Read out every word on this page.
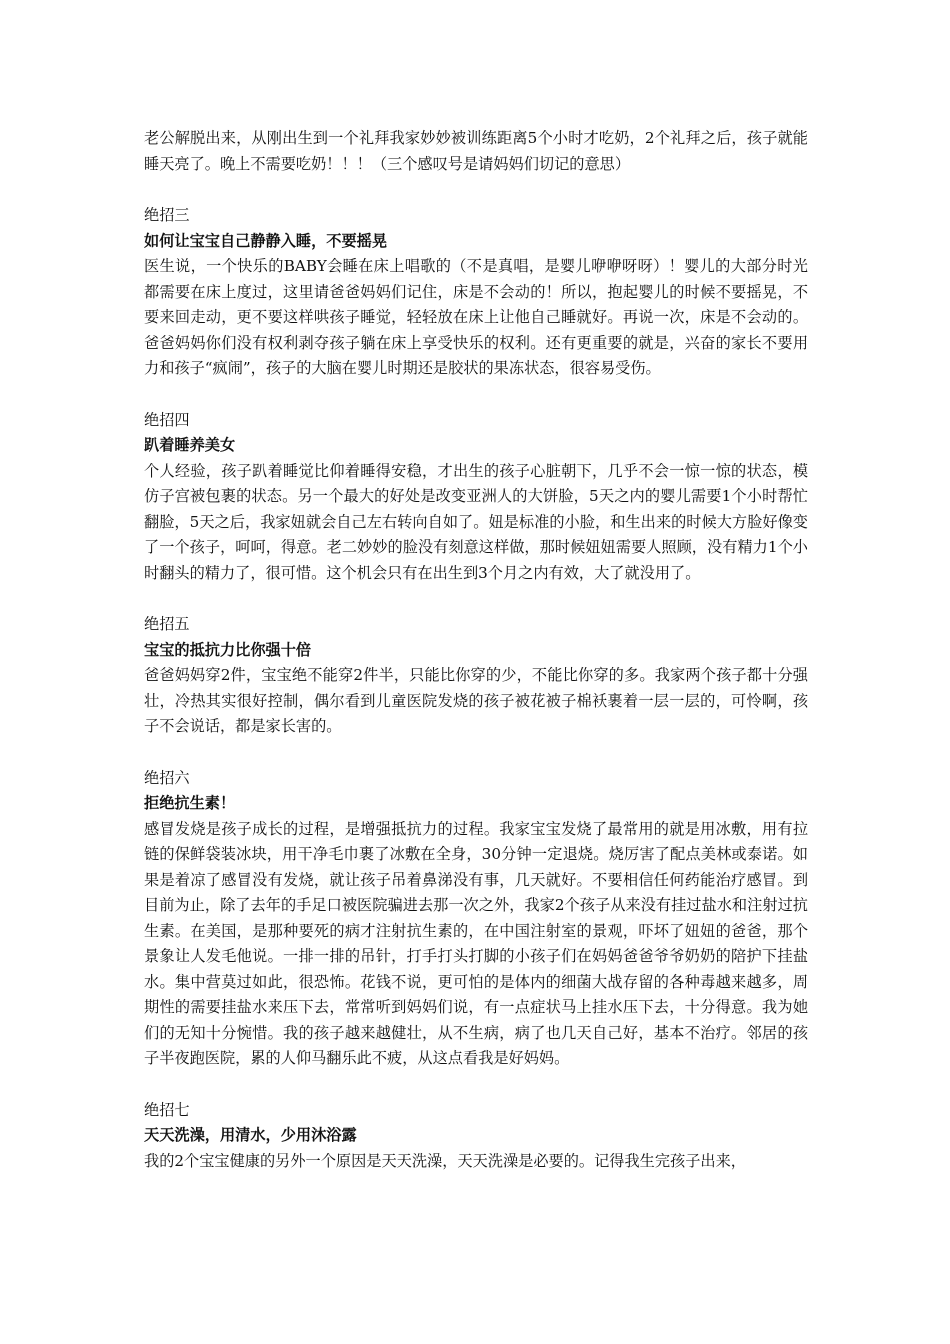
老公解脱出来，从刚出生到一个礼拜我家妙妙被训练距离5个小时才吃奶，2个礼拜之后，孩子就能睡天亮了。晚上不需要吃奶！！！（三个感叹号是请妈妈们切记的意思）

绝招三

如何让宝宝自己静静入睡，不要摇晃

医生说，一个快乐的BABY会睡在床上唱歌的（不是真唱，是婴儿咿咿呀呀）！婴儿的大部分时光都需要在床上度过，这里请爸爸妈妈们记住，床是不会动的！所以，抱起婴儿的时候不要摇晃，不要来回走动，更不要这样哄孩子睡觉，轻轻放在床上让他自己睡就好。再说一次，床是不会动的。爸爸妈妈你们没有权利剥夺孩子躺在床上享受快乐的权利。还有更重要的就是，兴奋的家长不要用力和孩子“疯闹”，孩子的大脑在婴儿时期还是胶状的果冻状态，很容易受伤。

绝招四

趴着睡养美女

个人经验，孩子趴着睡觉比仰着睡得安稳，才出生的孩子心脏朝下，几乎不会一惊一惊的状态，模仿子宫被包裹的状态。另一个最大的好处是改变亚洲人的大饼脸，5天之内的婴儿需要1个小时帮忙翻脸，5天之后，我家妞就会自己左右转向自如了。妞是标准的小脸，和生出来的时候大方脸好像变了一个孩子，呵呵，得意。老二妙妙的脸没有刻意这样做，那时候妞妞需要人照顾，没有精力1个小时翻头的精力了，很可惜。这个机会只有在出生到3个月之内有效，大了就没用了。

绝招五

宝宝的抵抗力比你强十倍

爸爸妈妈穿2件，宝宝绝不能穿2件半，只能比你穿的少，不能比你穿的多。我家两个孩子都十分强壮，冷热其实很好控制，偶尔看到儿童医院发烧的孩子被花被子棉袄裹着一层一层的，可怜啊，孩子不会说话，都是家长害的。

绝招六

拒绝抗生素！

感冒发烧是孩子成长的过程，是增强抵抗力的过程。我家宝宝发烧了最常用的就是用冰敷，用有拉链的保鲜袋装冰块，用干净毛巾裹了冰敷在全身，30分钟一定退烧。烧厉害了配点美林或泰诺。如果是着凉了感冒没有发烧，就让孩子吊着鼻涕没有事，几天就好。不要相信任何药能治疗感冒。到目前为止，除了去年的手足口被医院骗进去那一次之外，我家2个孩子从来没有挂过盐水和注射过抗生素。在美国，是那种要死的病才注射抗生素的，在中国注射室的景观，吓坏了妞妞的爸爸，那个景象让人发毛他说。一排一排的吊针，打手打头打脚的小孩子们在妈妈爸爸爷爷奶奶的陪护下挂盐水。集中营莫过如此，很恐怖。花钱不说，更可怕的是体内的细菌大战存留的各种毒越来越多，周期性的需要挂盐水来压下去，常常听到妈妈们说，有一点症状马上挂水压下去，十分得意。我为她们的无知十分惋惜。我的孩子越来越健壮，从不生病，病了也几天自己好，基本不治疗。邻居的孩子半夜跑医院，累的人仰马翻乐此不疲，从这点看我是好妈妈。

绝招七

天天洗澡，用清水，少用沐浴露

我的2个宝宝健康的另外一个原因是天天洗澡，天天洗澡是必要的。记得我生完孩子出来，
